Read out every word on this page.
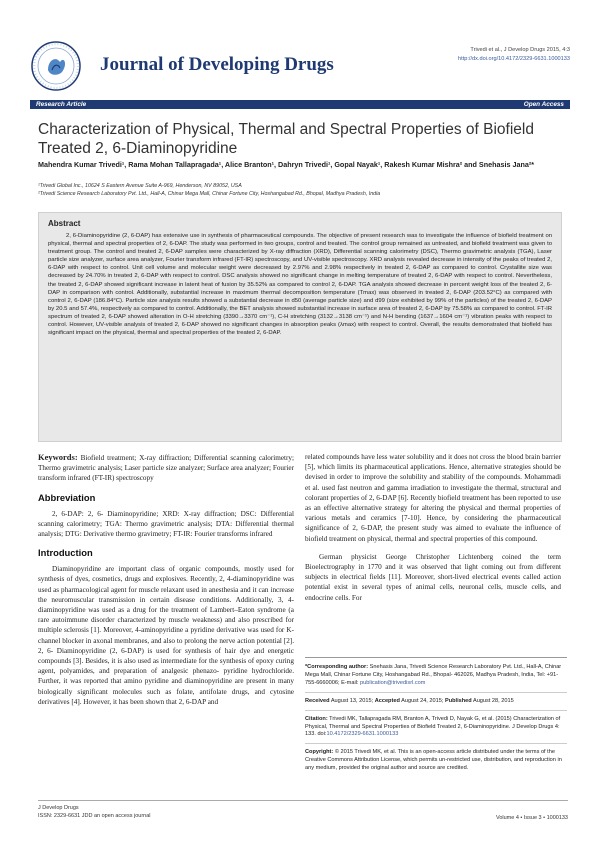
Journal of Developing Drugs
Trivedi et al., J Develop Drugs 2015, 4:3
http://dx.doi.org/10.4172/2329-6631.1000133
Research Article	Open Access
Characterization of Physical, Thermal and Spectral Properties of Biofield Treated 2, 6-Diaminopyridine
Mahendra Kumar Trivedi¹, Rama Mohan Tallapragada¹, Alice Branton¹, Dahryn Trivedi¹, Gopal Nayak¹, Rakesh Kumar Mishra² and Snehasis Jana²*
¹Trivedi Global Inc., 10624 S Eastern Avenue Suite A-969, Henderson, NV 89052, USA
²Trivedi Science Research Laboratory Pvt. Ltd., Hall-A, Chinar Mega Mall, Chinar Fortune City, Hoshangabad Rd., Bhopal, Madhya Pradesh, India
Abstract

2, 6-Diaminopyridine (2, 6-DAP) has extensive use in synthesis of pharmaceutical compounds. The objective of present research was to investigate the influence of biofield treatment on physical, thermal and spectral properties of 2, 6-DAP. The study was performed in two groups, control and treated. The control group remained as untreated, and biofield treatment was given to treatment group. The control and treated 2, 6-DAP samples were characterized by X-ray diffraction (XRD), Differential scanning calorimetry (DSC), Thermo gravimetric analysis (TGA), Laser particle size analyzer, surface area analyzer, Fourier transform infrared (FT-IR) spectroscopy, and UV-visible spectroscopy. XRD analysis revealed decrease in intensity of the peaks of treated 2, 6-DAP with respect to control. Unit cell volume and molecular weight were decreased by 2.97% and 2.98% respectively in treated 2, 6-DAP as compared to control. Crystallite size was decreased by 24.70% in treated 2, 6-DAP with respect to control. DSC analysis showed no significant change in melting temperature of treated 2, 6-DAP with respect to control. Nevertheless, the treated 2, 6-DAP showed significant increase in latent heat of fusion by 35.52% as compared to control 2, 6-DAP. TGA analysis showed decrease in percent weight loss of the treated 2, 6-DAP in comparison with control. Additionally, substantial increase in maximum thermal decomposition temperature (Tmax) was observed in treated 2, 6-DAP (203.52°C) as compared with control 2, 6-DAP (186.84°C). Particle size analysis results showed a substantial decrease in d50 (average particle size) and d99 (size exhibited by 99% of the particles) of the treated 2, 6-DAP by 20.5 and 57.4%, respectively as compared to control. Additionally, the BET analysis showed substantial increase in surface area of treated 2, 6-DAP by 75.58% as compared to control. FT-IR spectrum of treated 2, 6-DAP showed alteration in O-H stretching (3390→3370 cm⁻¹), C-H stretching (3132→3138 cm⁻¹) and N-H bending (1637→1604 cm⁻¹) vibration peaks with respect to control. However, UV-visible analysis of treated 2, 6-DAP showed no significant changes in absorption peaks (λmax) with respect to control. Overall, the results demonstrated that biofield has significant impact on the physical, thermal and spectral properties of the treated 2, 6-DAP.

Keywords: Biofield treatment; X-ray diffraction; Differential scanning calorimetry; Thermo gravimetric analysis; Laser particle size analyzer; Surface area analyzer; Fourier transform infrared (FT-IR) spectroscopy

Abbreviation

2, 6-DAP: 2, 6- Diaminopyridine; XRD: X-ray diffraction; DSC: Differential scanning calorimetry; TGA: Thermo gravimetric analysis; DTA: Differential thermal analysis; DTG: Derivative thermo gravimetry; FT-IR: Fourier transforms infrared

Introduction

Diaminopyridine are important class of organic compounds, mostly used for synthesis of dyes, cosmetics, drugs and explosives. Recently, 2, 4-diaminopyridine was used as pharmacological agent for muscle relaxant used in anesthesia and it can increase the neuromuscular transmission in certain disease conditions. Additionally, 3, 4-diaminopyridine was used as a drug for the treatment of Lambert–Eaton syndrome (a rare autoimmune disorder characterized by muscle weakness) and also prescribed for multiple sclerosis [1]. Moreover, 4-aminopyridine a pyridine derivative was used for K-channel blocker in axonal membranes, and also to prolong the nerve action potential [2]. 2, 6- Diaminopyridine (2, 6-DAP) is used for synthesis of hair dye and energetic compounds [3]. Besides, it is also used as intermediate for the synthesis of epoxy curing agent, polyamides, and preparation of analgesic phenazo- pyridine hydrochloride. Further, it was reported that amino pyridine and diaminopyridine are present in many biologically significant molecules such as folate, antifolate drugs, and cytosine derivatives [4]. However, it has been shown that 2, 6-DAP and

related compounds have less water solubility and it does not cross the blood brain barrier [5], which limits its pharmaceutical applications. Hence, alternative strategies should be devised in order to improve the solubility and stability of the compounds. Mohammadi et al. used fast neutron and gamma irradiation to investigate the thermal, structural and colorant properties of 2, 6-DAP [6]. Recently biofield treatment has been reported to use as an effective alternative strategy for altering the physical and thermal properties of various metals and ceramics [7-10]. Hence, by considering the pharmaceutical significance of 2, 6-DAP, the present study was aimed to evaluate the influence of biofield treatment on physical, thermal and spectral properties of this compound.

German physicist George Christopher Lichtenberg coined the term Bioelectrography in 1770 and it was observed that light coming out from different subjects in electrical fields [11]. Moreover, short-lived electrical events called action potential exist in several types of animal cells, neuronal cells, muscle cells, and endocrine cells. For

*Corresponding author: Snehasis Jana, Trivedi Science Research Laboratory Pvt. Ltd., Hall-A, Chinar Mega Mall, Chinar Fortune City, Hoshangabad Rd., Bhopal- 462026, Madhya Pradesh, India, Tel: +91-755-6660006; E-mail: publication@trivedisrl.com
Received August 13, 2015; Accepted August 24, 2015; Published August 28, 2015
Citation: Trivedi MK, Tallapragada RM, Branton A, Trivedi D, Nayak G, et al. (2015) Characterization of Physical, Thermal and Spectral Properties of Biofield Treated 2, 6-Diaminopyridine. J Develop Drugs 4: 133. doi:10.4172/2329-6631.1000133
Copyright: © 2015 Trivedi MK, et al. This is an open-access article distributed under the terms of the Creative Commons Attribution License, which permits un-restricted use, distribution, and reproduction in any medium, provided the original author and source are credited.
J Develop Drugs
ISSN: 2329-6631 JDD an open access journal	Volume 4 • Issue 3 • 1000133
